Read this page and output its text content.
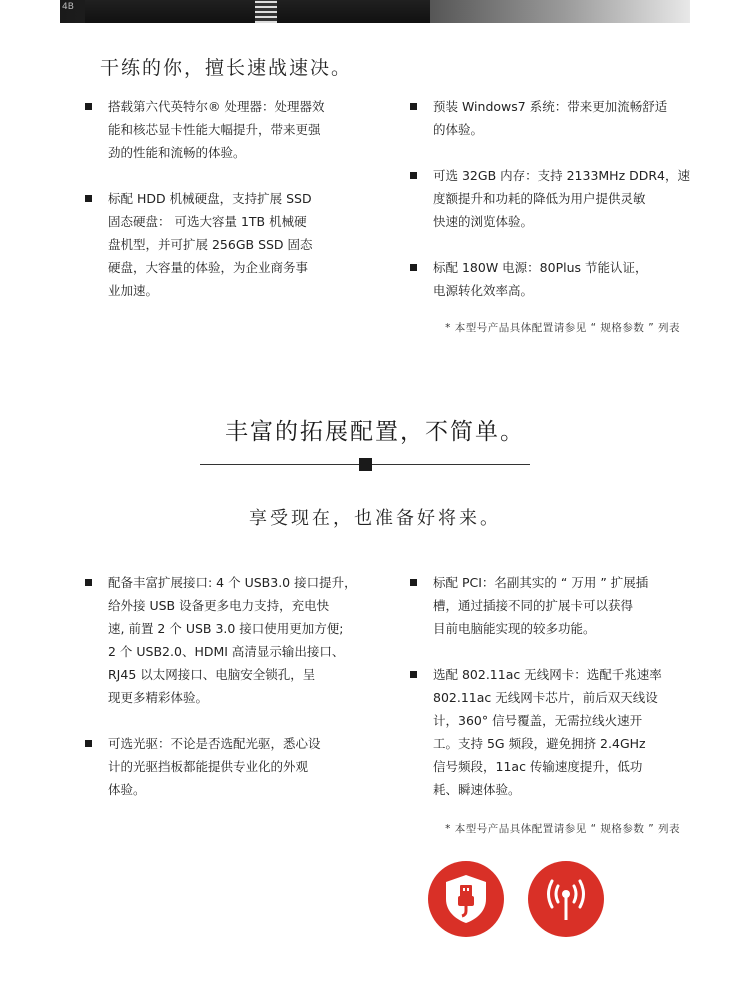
4B
干练的你，擅长速战速决。
搭载第六代英特尔® 处理器：处理器效
能和核芯显卡性能大幅提升，带来更强
劲的性能和流畅的体验。
标配 HDD 机械硬盘，支持扩展 SSD
固态硬盘： 可选大容量 1TB 机械硬
盘机型，并可扩展 256GB SSD 固态
硬盘，大容量的体验，为企业商务事
业加速。
预装 Windows7 系统：带来更加流畅舒适
的体验。
可选 32GB 内存：支持 2133MHz DDR4，速
度额提升和功耗的降低为用户提供灵敏
快速的浏览体验。
标配 180W 电源：80Plus 节能认证，
电源转化效率高。
* 本型号产品具体配置请参见 “ 规格参数 ” 列表
丰富的拓展配置，不简单。
享受现在，也准备好将来。
配备丰富扩展接口: 4 个 USB3.0 接口提升，
给外接 USB 设备更多电力支持，充电快
速, 前置 2 个 USB 3.0 接口使用更加方便;
2 个 USB2.0、HDMI 高清显示输出接口、
RJ45 以太网接口、电脑安全锁孔，呈
现更多精彩体验。
可选光驱：不论是否选配光驱，悉心设
计的光驱挡板都能提供专业化的外观
体验。
标配 PCI：名副其实的 “ 万用 ” 扩展插
槽，通过插接不同的扩展卡可以获得
目前电脑能实现的较多功能。
选配 802.11ac 无线网卡：选配千兆速率
802.11ac 无线网卡芯片，前后双天线设
计，360° 信号覆盖，无需拉线火速开
工。支持 5G 频段，避免拥挤 2.4GHz
信号频段，11ac 传输速度提升，低功
耗、瞬速体验。
* 本型号产品具体配置请参见 “ 规格参数 ” 列表
